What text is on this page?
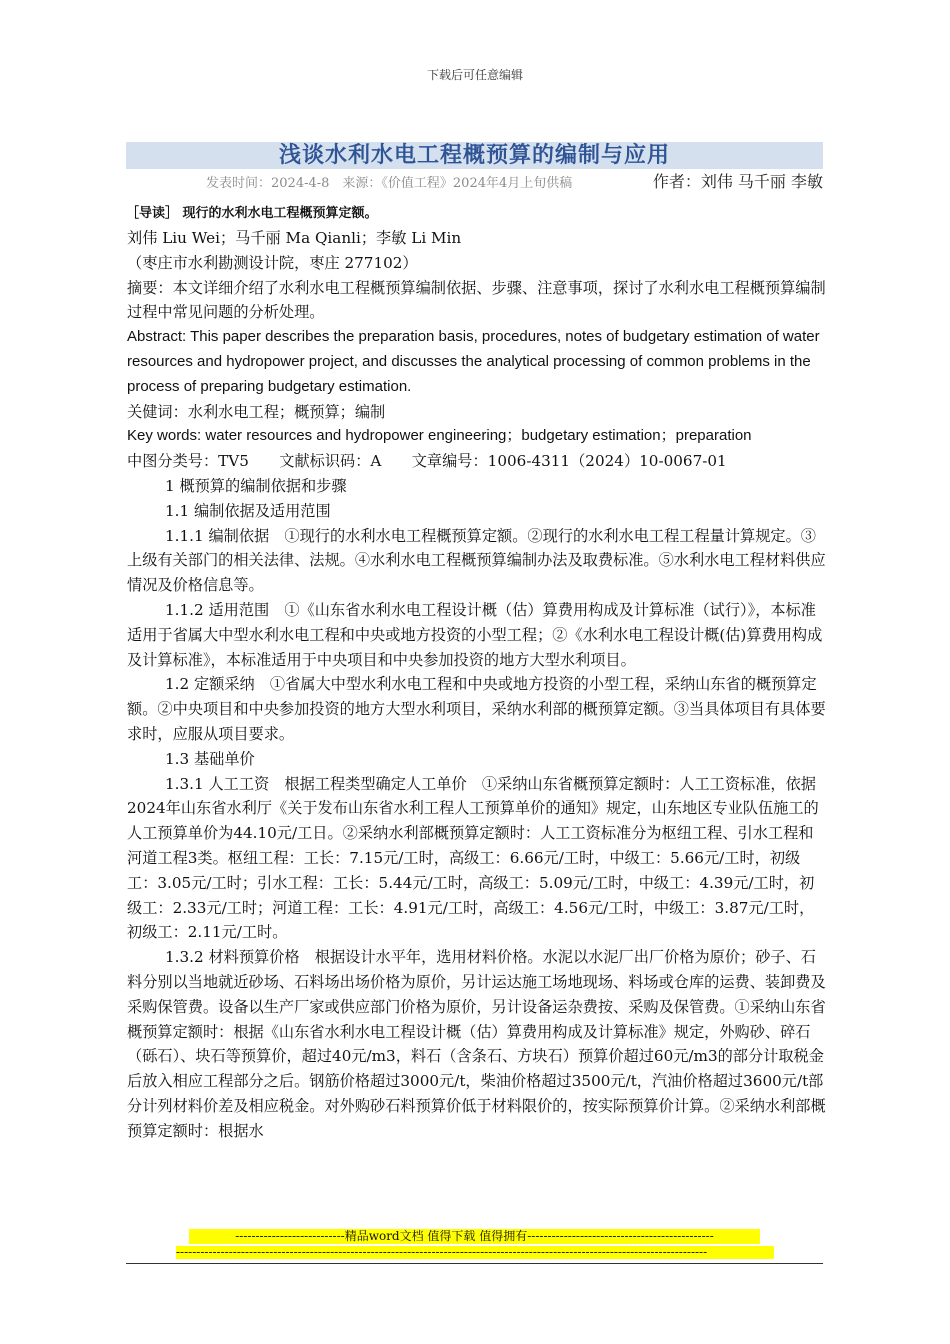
下载后可任意编辑
浅谈水利水电工程概预算的编制与应用
发表时间：2024-4-8　来源：《价值工程》2024年4月上旬供稿	作者：刘伟 马千丽 李敏
［导读］ 现行的水利水电工程概预算定额。

刘伟 Liu Wei；马千丽 Ma Qianli；李敏 Li Min

（枣庄市水利勘测设计院，枣庄 277102）

摘要：本文详细介绍了水利水电工程概预算编制依据、步骤、注意事项，探讨了水利水电工程概预算编制过程中常见问题的分析处理。

Abstract: This paper describes the preparation basis, procedures, notes of budgetary estimation of water resources and hydropower project, and discusses the analytical processing of common problems in the process of preparing budgetary estimation.

关健词：水利水电工程；概预算；编制

Key words: water resources and hydropower engineering；budgetary estimation；preparation

中图分类号：TV5　　文献标识码：A　　文章编号：1006-4311（2024）10-0067-01

1 概预算的编制依据和步骤

1.1 编制依据及适用范围

1.1.1 编制依据　①现行的水利水电工程概预算定额。②现行的水利水电工程工程量计算规定。③上级有关部门的相关法律、法规。④水利水电工程概预算编制办法及取费标准。⑤水利水电工程材料供应情况及价格信息等。

1.1.2 适用范围　①《山东省水利水电工程设计概（估）算费用构成及计算标准（试行）》，本标准适用于省属大中型水利水电工程和中央或地方投资的小型工程；②《水利水电工程设计概(估)算费用构成及计算标准》，本标准适用于中央项目和中央参加投资的地方大型水利项目。

1.2 定额采纳　①省属大中型水利水电工程和中央或地方投资的小型工程，采纳山东省的概预算定额。②中央项目和中央参加投资的地方大型水利项目，采纳水利部的概预算定额。③当具体项目有具体要求时，应服从项目要求。

1.3 基础单价

1.3.1 人工工资　根据工程类型确定人工单价　①采纳山东省概预算定额时：人工工资标准，依据2024年山东省水利厅《关于发布山东省水利工程人工预算单价的通知》规定，山东地区专业队伍施工的人工预算单价为44.10元/工日。②采纳水利部概预算定额时：人工工资标准分为枢纽工程、引水工程和河道工程3类。枢纽工程：工长：7.15元/工时，高级工：6.66元/工时，中级工：5.66元/工时，初级工：3.05元/工时；引水工程：工长：5.44元/工时，高级工：5.09元/工时，中级工：4.39元/工时，初级工：2.33元/工时；河道工程：工长：4.91元/工时，高级工：4.56元/工时，中级工：3.87元/工时，初级工：2.11元/工时。

1.3.2 材料预算价格　根据设计水平年，选用材料价格。水泥以水泥厂出厂价格为原价；砂子、石料分别以当地就近砂场、石料场出场价格为原价，另计运达施工场地现场、料场或仓库的运费、装卸费及采购保管费。设备以生产厂家或供应部门价格为原价，另计设备运杂费按、采购及保管费。①采纳山东省概预算定额时：根据《山东省水利水电工程设计概（估）算费用构成及计算标准》规定，外购砂、碎石（砾石）、块石等预算价，超过40元/m3，料石（含条石、方块石）预算价超过60元/m3的部分计取税金后放入相应工程部分之后。钢筋价格超过3000元/t，柴油价格超过3500元/t，汽油价格超过3600元/t部分计列材料价差及相应税金。对外购砂石料预算价低于材料限价的，按实际预算价计算。②采纳水利部概预算定额时：根据水

---------------------------精品word文档 值得下载 值得拥有----------------------------------------------
-----------------------------------------------------------------------------------------------------------------------------------
